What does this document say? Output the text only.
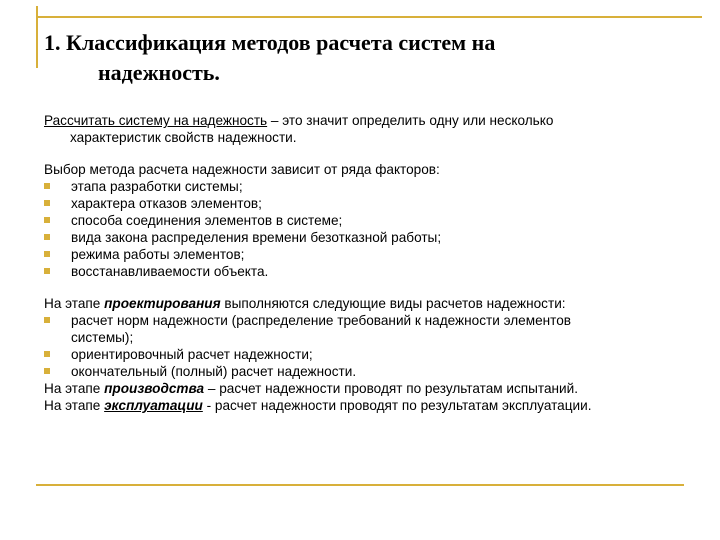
1. Классификация методов расчета систем на
надежность.

Рассчитать систему на надежность – это значит определить одну или несколько

характеристик свойств надежности.

Выбор метода расчета надежности зависит от ряда факторов:

этапа разработки системы;
характера отказов элементов;
способа соединения элементов в системе;
вида закона распределения времени безотказной работы;
режима работы элементов;
восстанавливаемости объекта.

На этапе проектирования выполняются следующие виды расчетов надежности:

расчет норм надежности (распределение требований к надежности элементов
системы);
ориентировочный расчет надежности;
окончательный (полный) расчет надежности.

На этапе производства – расчет надежности проводят по результатам испытаний.

На этапе эксплуатации - расчет надежности проводят по результатам эксплуатации.
